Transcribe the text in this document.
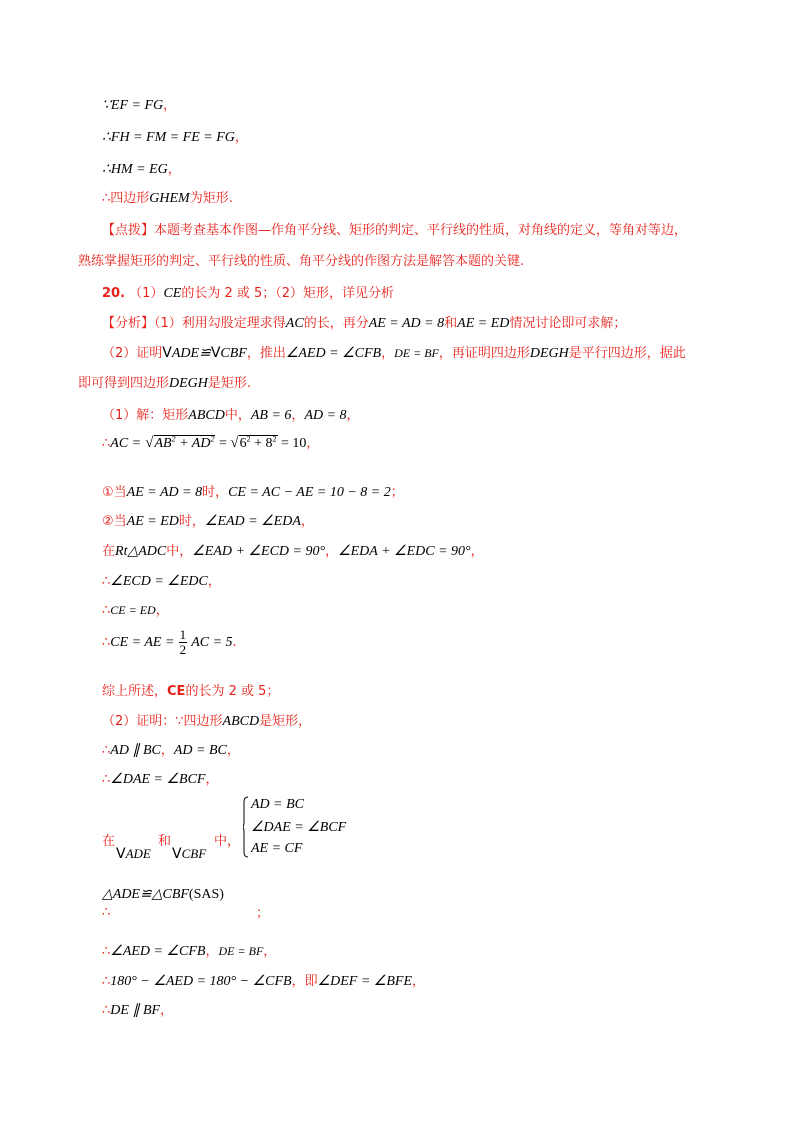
∵EF = FG，
∴FH = FM = FE = FG，
∴HM = EG，
∴四边形GHEM为矩形.
【点拨】本题考查基本作图—作角平分线、矩形的判定、平行线的性质，对角线的定义，等角对等边，
熟练掌握矩形的判定、平行线的性质、角平分线的作图方法是解答本题的关键.
20. （1）CE的长为 2 或 5；（2）矩形，详见分析
【分析】（1）利用勾股定理求得AC的长，再分AE = AD = 8和AE = ED情况讨论即可求解；
（2）证明VADE≌VCBF，推出∠AED = ∠CFB，DE = BF，再证明四边形DEGH是平行四边形，据此
即可得到四边形DEGH是矩形.
（1）解：矩形ABCD中，AB = 6，AD = 8，
∴AC = $√AB^2 + AD^2 = √6^2 + 8^2 = 10$，
①当AE = AD = 8时，CE = AC − AE = 10 − 8 = 2；
②当AE = ED时，∠EAD = ∠EDA，
在Rt△ADC中，∠EAD + ∠ECD = 90°，∠EDA + ∠EDC = 90°，
∴∠ECD = ∠EDC，
∴CE = ED，
∴CE = AE = $\frac{1}{2}$ AC = 5.
综上所述，CE的长为 2 或 5；
（2）证明：∵四边形ABCD是矩形，
∴AD ∥ BC，AD = BC，
∴∠DAE = ∠BCF，
在	和	中，
VADE VCBF
AD = BC
∠DAE = ∠BCF
AE = CF
△ADE≌△CBF(SAS)
∴	；
∴∠AED = ∠CFB，DE = BF，
∴180° − ∠AED = 180° − ∠CFB，即∠DEF = ∠BFE，
∴DE ∥ BF，
